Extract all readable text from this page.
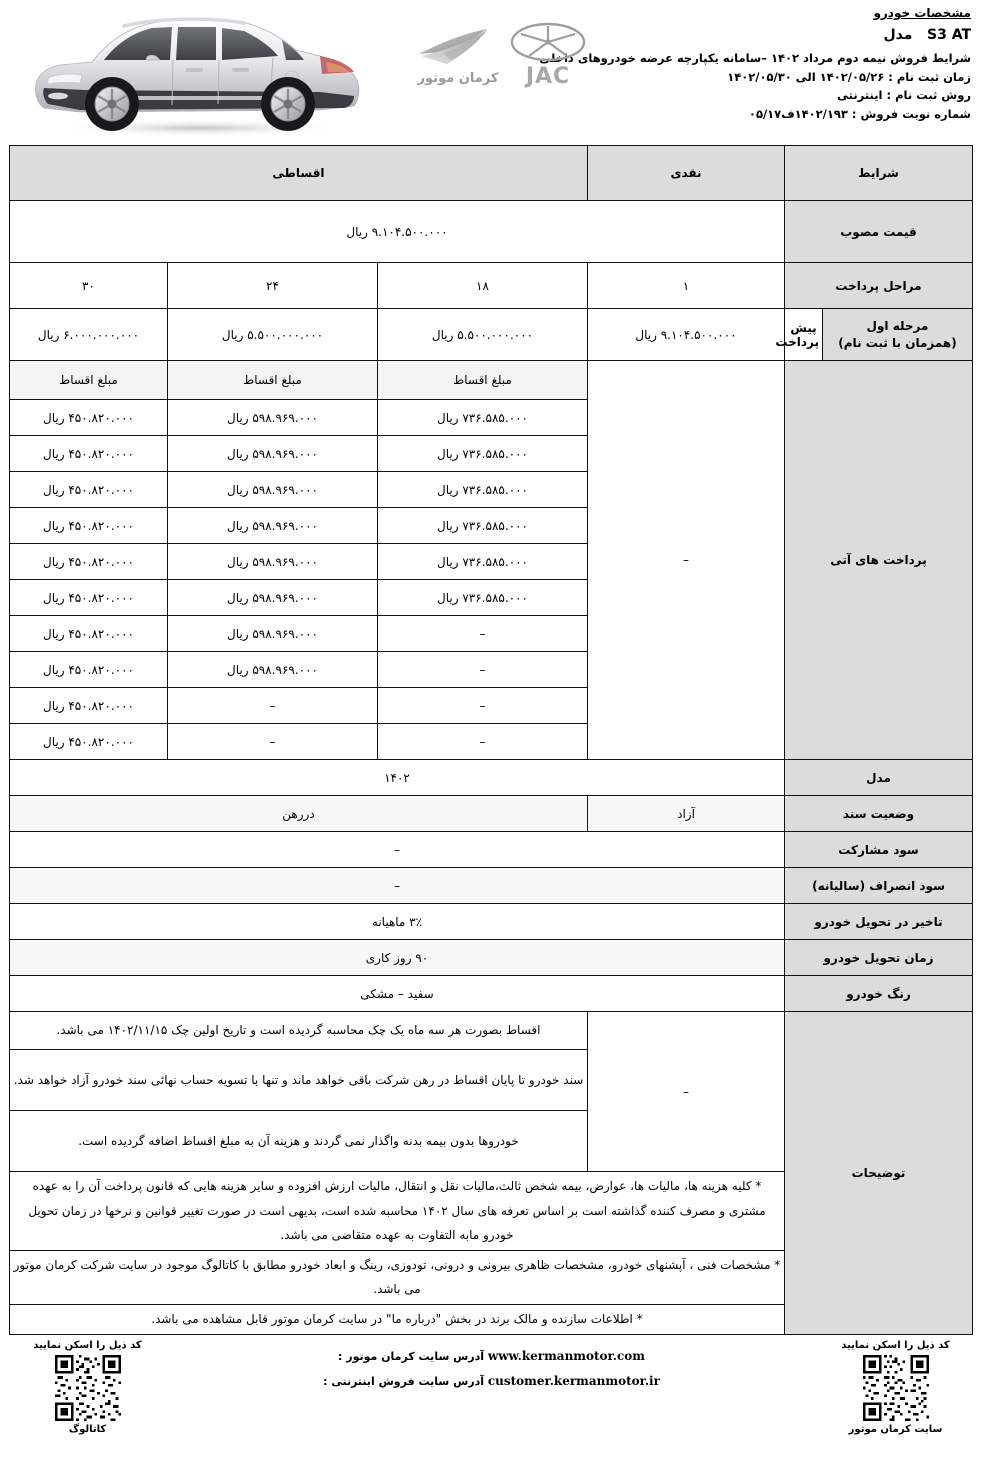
مشخصات خودرو
S3 AT   مدل
شرایط فروش نیمه دوم مرداد ۱۴۰۲ –سامانه یکپارچه عرضه خودروهای داخلی
زمان ثبت نام : ۱۴۰۲/۰۵/۲۶ الی ۱۴۰۲/۰۵/۳۰
روش ثبت نام : اینترنتی
شماره نوبت فروش : ۱۴۰۲/۱۹۳ف۰۵/۱۷
کرمان موتور JAC
شرایط		نقدی	اقساطی		
قیمت مصوب		۹.۱۰۴.۵۰۰.۰۰۰ ریال			
مراحل پرداخت		۱	۱۸	۲۴	۳۰

مرحله اول
(همزمان با ثبت نام)	پیش پرداخت	۹.۱۰۴.۵۰۰.۰۰۰ ریال	۵.۵۰۰.۰۰۰.۰۰۰ ریال	۵.۵۰۰.۰۰۰.۰۰۰ ریال	۶.۰۰۰.۰۰۰.۰۰۰ ریال
پرداخت های آتی		–	مبلغ اقساط	مبلغ اقساط	مبلغ اقساط
			۷۳۶.۵۸۵.۰۰۰ ریال	۵۹۸.۹۶۹.۰۰۰ ریال	۴۵۰.۸۲۰.۰۰۰ ریال
			۷۳۶.۵۸۵.۰۰۰ ریال	۵۹۸.۹۶۹.۰۰۰ ریال	۴۵۰.۸۲۰.۰۰۰ ریال
			۷۳۶.۵۸۵.۰۰۰ ریال	۵۹۸.۹۶۹.۰۰۰ ریال	۴۵۰.۸۲۰.۰۰۰ ریال
			۷۳۶.۵۸۵.۰۰۰ ریال	۵۹۸.۹۶۹.۰۰۰ ریال	۴۵۰.۸۲۰.۰۰۰ ریال
			۷۳۶.۵۸۵.۰۰۰ ریال	۵۹۸.۹۶۹.۰۰۰ ریال	۴۵۰.۸۲۰.۰۰۰ ریال
			۷۳۶.۵۸۵.۰۰۰ ریال	۵۹۸.۹۶۹.۰۰۰ ریال	۴۵۰.۸۲۰.۰۰۰ ریال
			–	۵۹۸.۹۶۹.۰۰۰ ریال	۴۵۰.۸۲۰.۰۰۰ ریال
			–	۵۹۸.۹۶۹.۰۰۰ ریال	۴۵۰.۸۲۰.۰۰۰ ریال
			–	–	۴۵۰.۸۲۰.۰۰۰ ریال
			–	–	۴۵۰.۸۲۰.۰۰۰ ریال
مدل		۱۴۰۲			
وضعیت سند		آزاد	دررهن		
سود مشارکت		–			
سود انصراف (سالیانه)		–			
تاخیر در تحویل خودرو		۳٪ ماهیانه			
زمان تحویل خودرو		۹۰ روز کاری			
رنگ خودرو		سفید – مشکی			
توضیحات		–	اقساط بصورت هر سه ماه یک چک محاسبه گردیده است و تاریخ اولین چک ۱۴۰۲/۱۱/۱۵ می باشد.		
			سند خودرو تا پایان اقساط در رهن شرکت باقی خواهد ماند و تنها با تسویه حساب نهائی سند خودرو آزاد خواهد شد.		
			خودروها بدون بیمه بدنه واگذار نمی گردند و هزینه آن به مبلغ اقساط اضافه گردیده است.		
		* کلیه هزینه ها، مالیات ها، عوارض، بیمه شخص ثالث،مالیات نقل و انتقال، مالیات ارزش افزوده و سایر هزینه هایی که قانون پرداخت آن را به عهده مشتری و مصرف کننده گذاشته است بر اساس تعرفه های سال ۱۴۰۲ محاسبه شده است، بدیهی است در صورت تغییر قوانین و نرخها در زمان تحویل خودرو مابه التفاوت به عهده متقاضی می باشد.			
		* مشخصات فنی ، آپشنهای خودرو، مشخصات ظاهری بیرونی و درونی، تودوزی، رینگ و ابعاد خودرو مطابق با کاتالوگ موجود در سایت شرکت کرمان موتور می باشد.			
		* اطلاعات سازنده و مالک برند در بخش "درباره ما" در سایت کرمان موتور قابل مشاهده می باشد.			
کد ذیل را اسکن نمایید
سایت کرمان موتور
www.kermanmotor.com آدرس سایت کرمان موتور :
customer.kermanmotor.ir آدرس سایت فروش اینترنتی :
کد ذیل را اسکن نمایید
کاتالوگ
